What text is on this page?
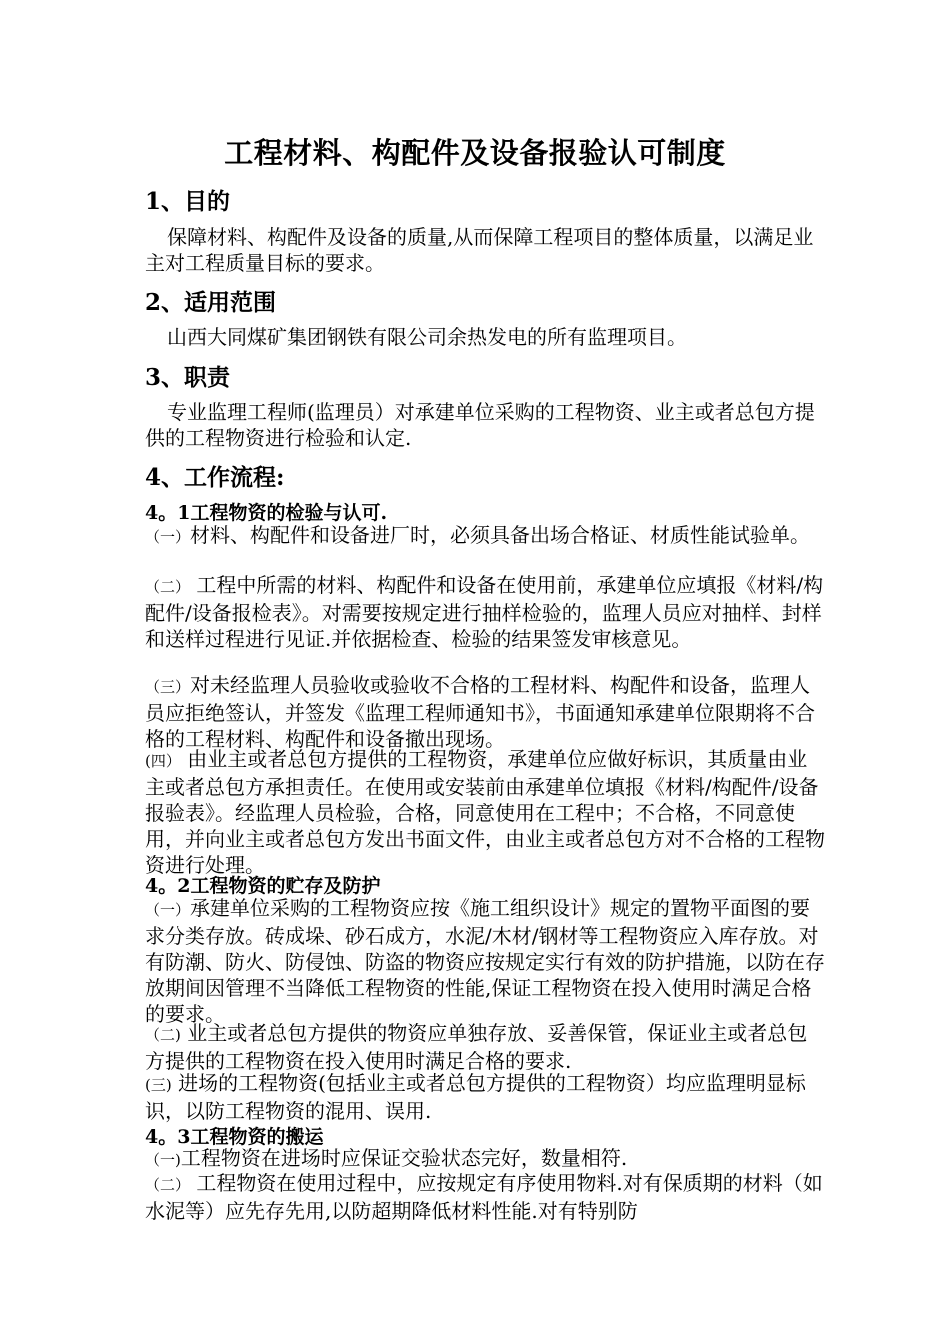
工程材料、构配件及设备报验认可制度
1、目的
保障材料、构配件及设备的质量,从而保障工程项目的整体质量，以满足业主对工程质量目标的要求。
2、适用范围
山西大同煤矿集团钢铁有限公司余热发电的所有监理项目。
3、职责
专业监理工程师(监理员）对承建单位采购的工程物资、业主或者总包方提供的工程物资进行检验和认定.
4、工作流程:
4。1工程物资的检验与认可.
（一）材料、构配件和设备进厂时，必须具备出场合格证、材质性能试验单。
（二） 工程中所需的材料、构配件和设备在使用前，承建单位应填报《材料/构配件/设备报检表》。对需要按规定进行抽样检验的，监理人员应对抽样、封样和送样过程进行见证.并依据检查、检验的结果签发审核意见。
（三）对未经监理人员验收或验收不合格的工程材料、构配件和设备，监理人员应拒绝签认，并签发《监理工程师通知书》，书面通知承建单位限期将不合格的工程材料、构配件和设备撤出现场。
(四） 由业主或者总包方提供的工程物资，承建单位应做好标识，其质量由业主或者总包方承担责任。在使用或安装前由承建单位填报《材料/构配件/设备报验表》。经监理人员检验，合格，同意使用在工程中；不合格，不同意使用，并向业主或者总包方发出书面文件，由业主或者总包方对不合格的工程物资进行处理。
4。2工程物资的贮存及防护
（一）承建单位采购的工程物资应按《施工组织设计》规定的置物平面图的要求分类存放。砖成垛、砂石成方，水泥/木材/钢材等工程物资应入库存放。对有防潮、防火、防侵蚀、防盗的物资应按规定实行有效的防护措施，以防在存放期间因管理不当降低工程物资的性能,保证工程物资在投入使用时满足合格的要求。
（二) 业主或者总包方提供的物资应单独存放、妥善保管，保证业主或者总包方提供的工程物资在投入使用时满足合格的要求.
(三) 进场的工程物资(包括业主或者总包方提供的工程物资）均应监理明显标识，以防工程物资的混用、误用.
4。3工程物资的搬运
（一)工程物资在进场时应保证交验状态完好，数量相符.
（二） 工程物资在使用过程中，应按规定有序使用物料.对有保质期的材料（如水泥等）应先存先用,以防超期降低材料性能.对有特别防
